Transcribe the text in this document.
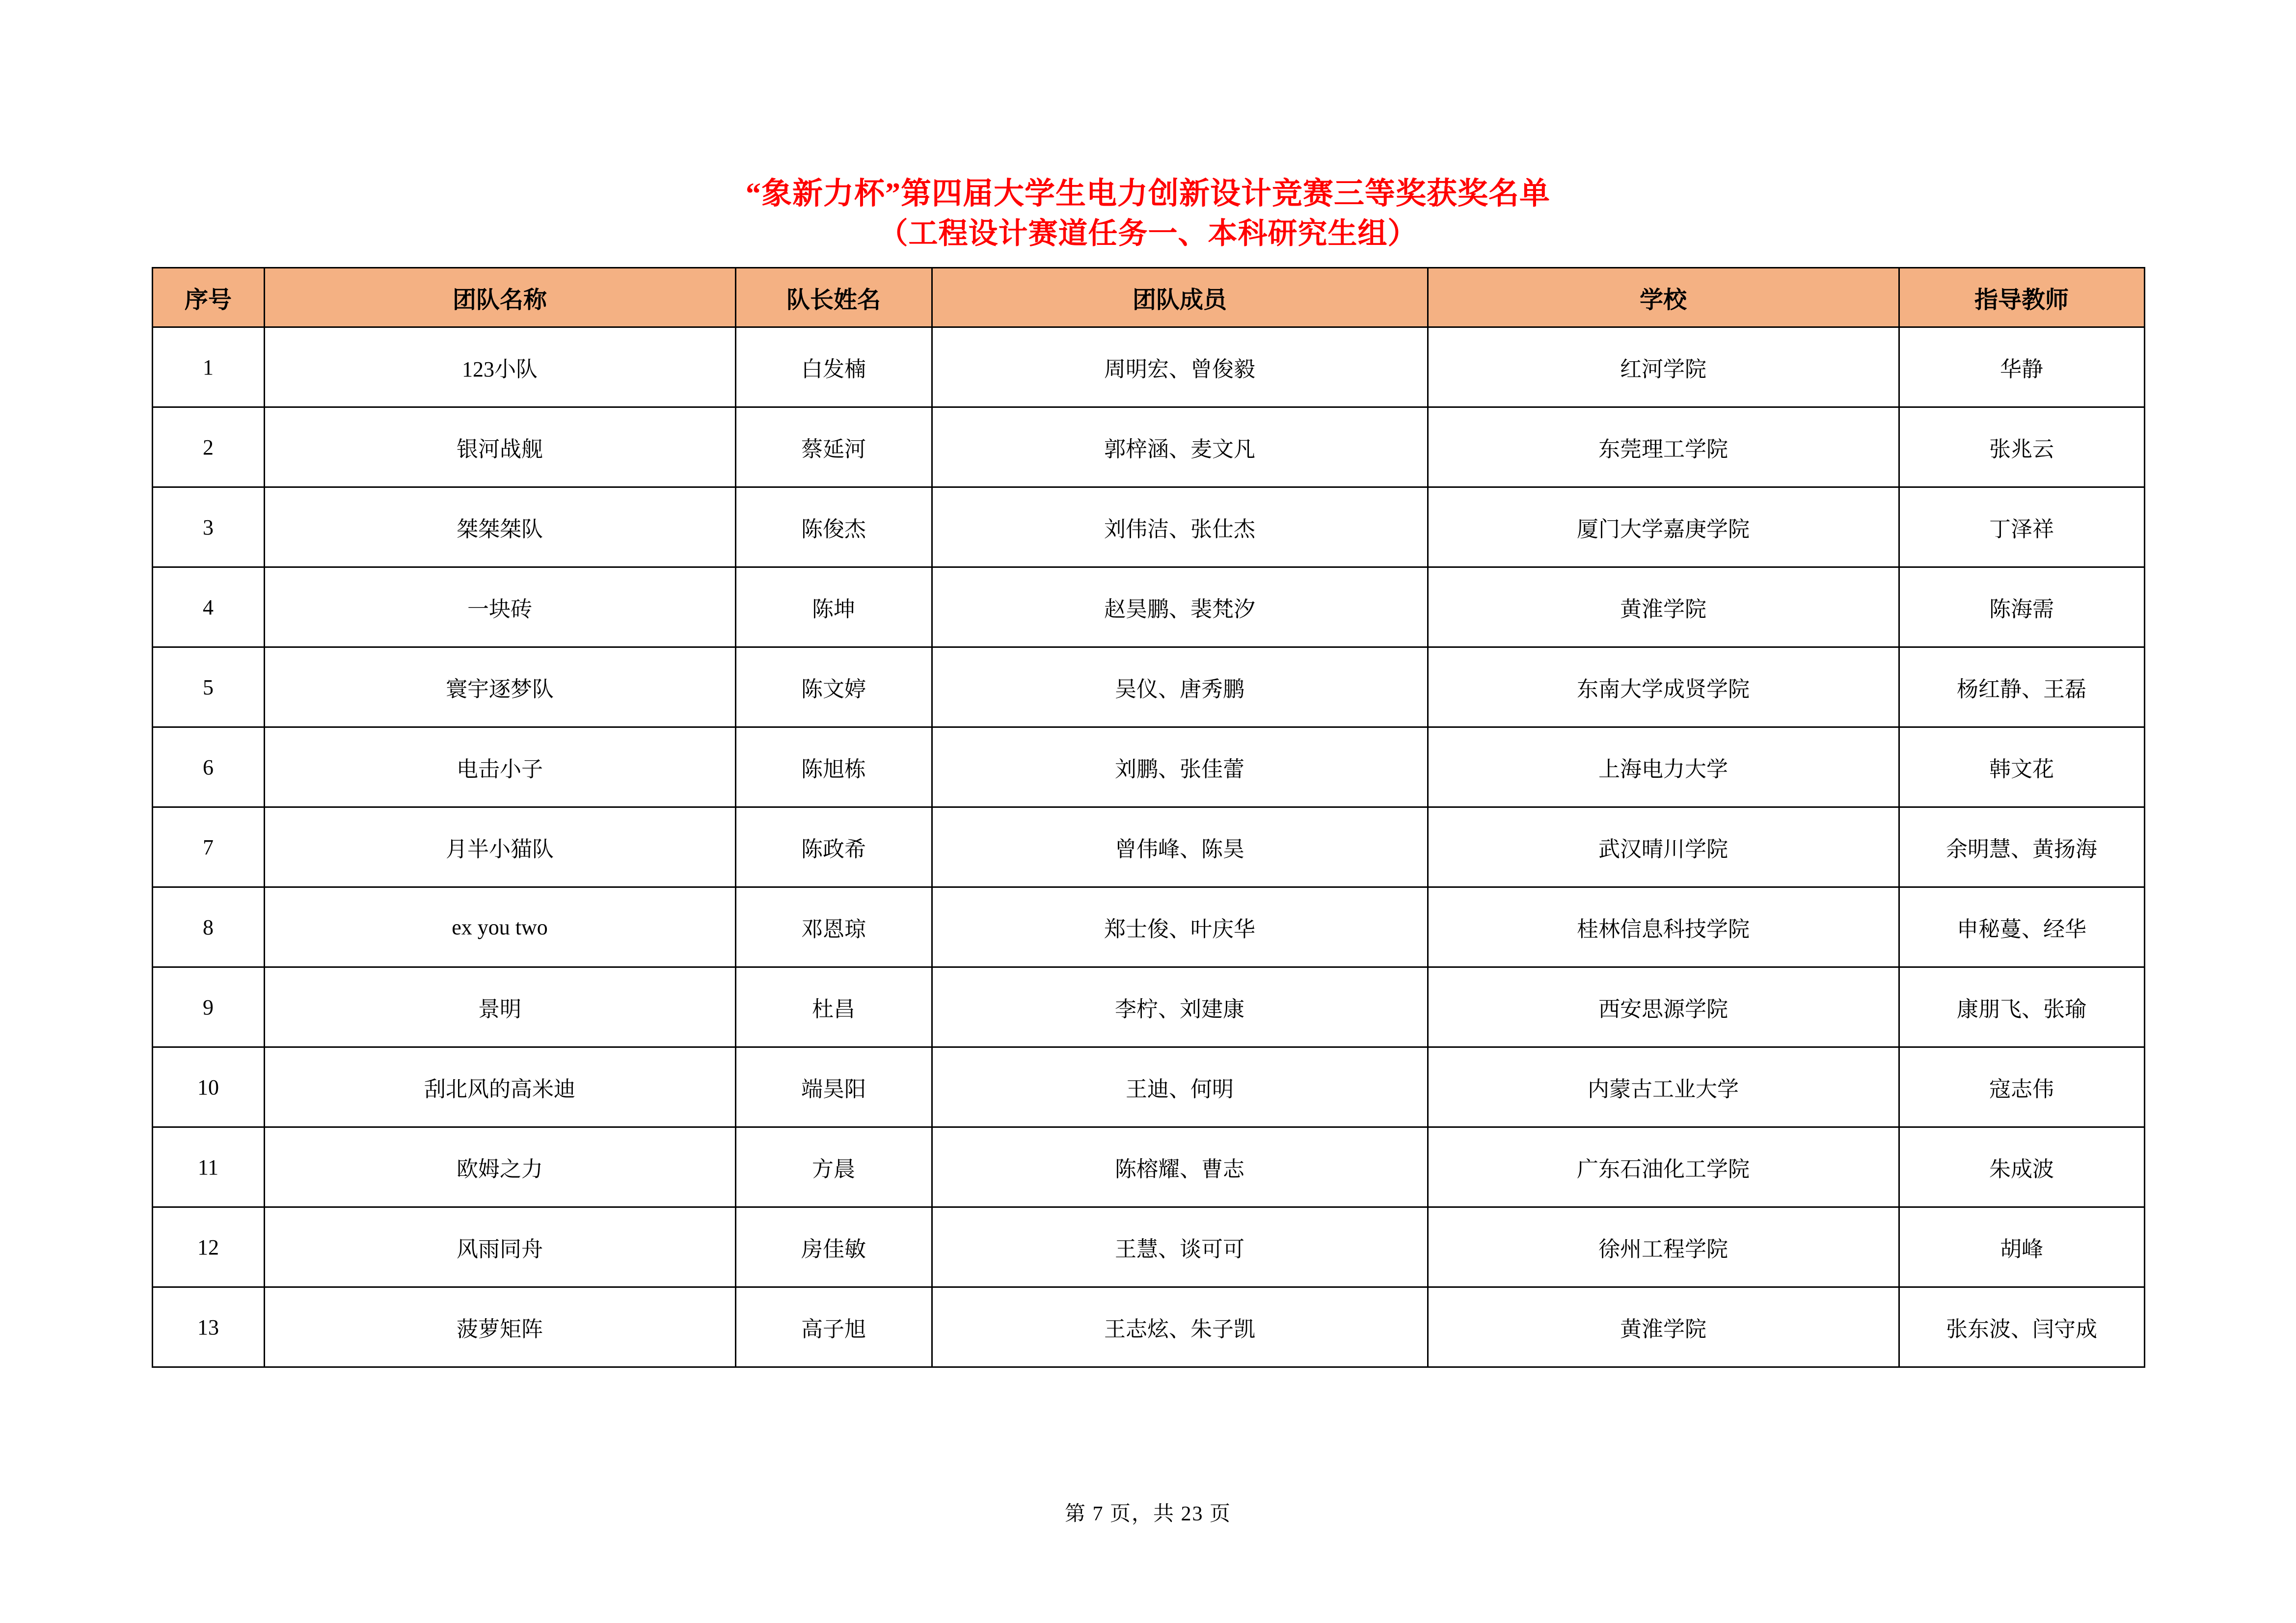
“象新力杯”第四届大学生电力创新设计竞赛三等奖获奖名单
（工程设计赛道任务一、本科研究生组）
序号	团队名称	队长姓名	团队成员	学校	指导教师
1	123小队	白发楠	周明宏、曾俊毅	红河学院	华静
2	银河战舰	蔡延河	郭梓涵、麦文凡	东莞理工学院	张兆云
3	桀桀桀队	陈俊杰	刘伟洁、张仕杰	厦门大学嘉庚学院	丁泽祥
4	一块砖	陈坤	赵昊鹏、裴梵汐	黄淮学院	陈海需
5	寰宇逐梦队	陈文婷	吴仪、唐秀鹏	东南大学成贤学院	杨红静、王磊
6	电击小子	陈旭栋	刘鹏、张佳蕾	上海电力大学	韩文花
7	月半小猫队	陈政希	曾伟峰、陈昊	武汉晴川学院	余明慧、黄扬海
8	ex you two	邓恩琼	郑士俊、叶庆华	桂林信息科技学院	申秘蔓、经华
9	景明	杜昌	李柠、刘建康	西安思源学院	康朋飞、张瑜
10	刮北风的高米迪	端昊阳	王迪、何明	内蒙古工业大学	寇志伟
11	欧姆之力	方晨	陈榕耀、曹志	广东石油化工学院	朱成波
12	风雨同舟	房佳敏	王慧、谈可可	徐州工程学院	胡峰
13	菠萝矩阵	高子旭	王志炫、朱子凯	黄淮学院	张东波、闫守成
第 7 页，共 23 页
